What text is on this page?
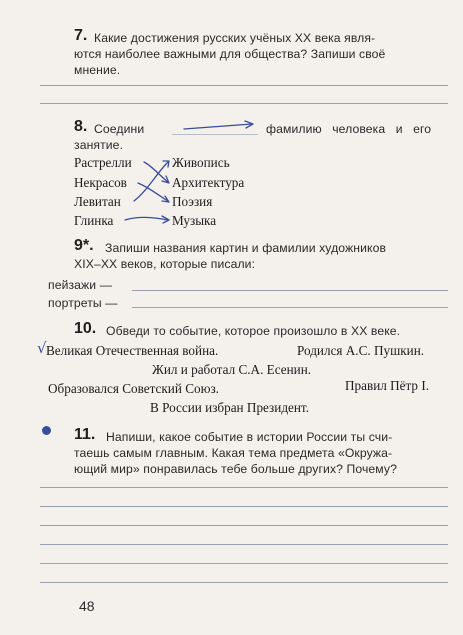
7. Какие достижения русских учёных XX века явля-
ются наиболее важными для общества? Запиши своё
мнение.
8. Соедини	фамилию   человека   и   его
занятие.
Растрелли
Некрасов
Левитан
Глинка
Живопись
Архитектура
Поэзия
Музыка
9*. Запиши названия картин и фамилии художников
XIX–XX веков, которые писали:
пейзажи —
портреты —
10. Обведи то событие, которое произошло в XX веке.
√ Великая Отечественная война.	Родился А.С. Пушкин.
Жил и работал С.А. Есенин.
Образовался Советский Союз.	Правил Пётр I.
В России избран Президент.
11. Напиши, какое событие в истории России ты счи-
таешь самым главным. Какая тема предмета «Окружа-
ющий мир» понравилась тебе больше других? Почему?
48
